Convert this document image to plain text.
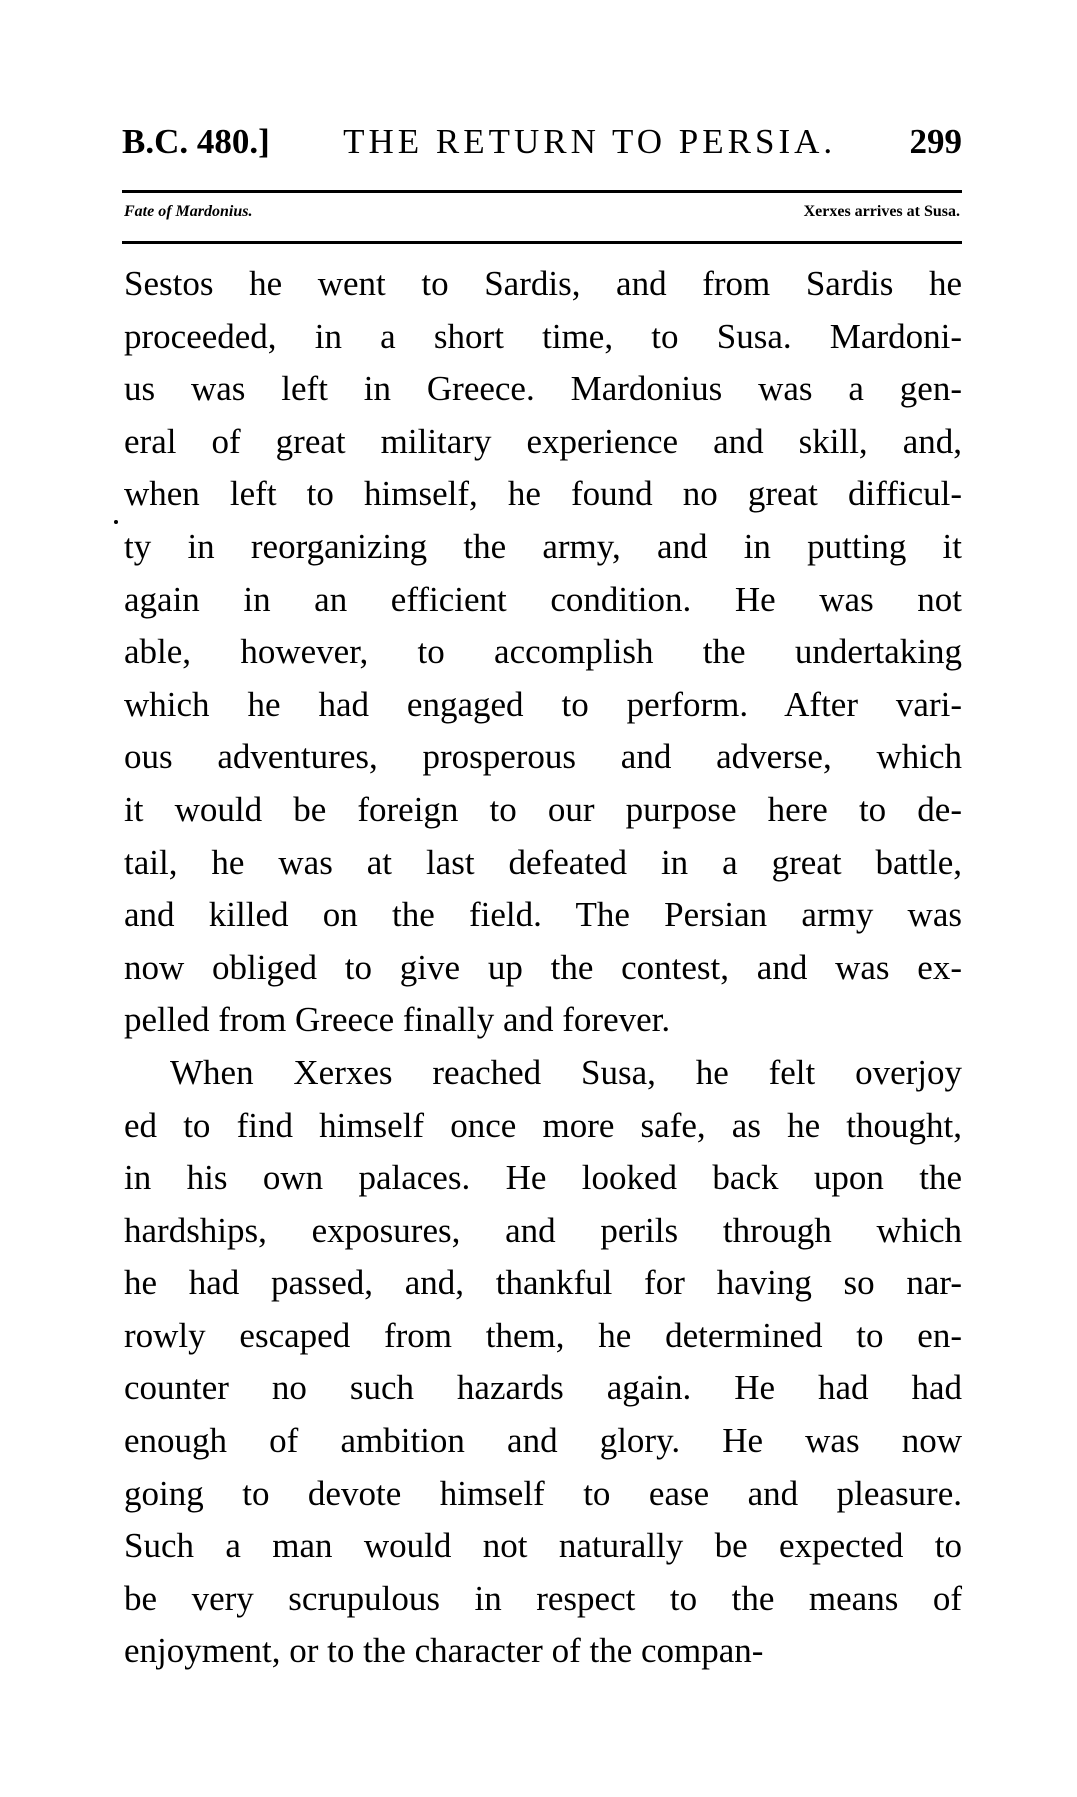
B.C. 480.] THE RETURN TO PERSIA. 299
Fate of Mardonius.	Xerxes arrives at Susa.
Sestos he went to Sardis, and from Sardis he
proceeded, in a short time, to Susa. Mardoni-
us was left in Greece. Mardonius was a gen-
eral of great military experience and skill, and,
when left to himself, he found no great difficul-
ty in reorganizing the army, and in putting it
again in an efficient condition. He was not
able, however, to accomplish the undertaking
which he had engaged to perform. After vari-
ous adventures, prosperous and adverse, which
it would be foreign to our purpose here to de-
tail, he was at last defeated in a great battle,
and killed on the field. The Persian army was
now obliged to give up the contest, and was ex-
pelled from Greece finally and forever.
When Xerxes reached Susa, he felt overjoy
ed to find himself once more safe, as he thought,
in his own palaces. He looked back upon the
hardships, exposures, and perils through which
he had passed, and, thankful for having so nar-
rowly escaped from them, he determined to en-
counter no such hazards again. He had had
enough of ambition and glory. He was now
going to devote himself to ease and pleasure.
Such a man would not naturally be expected to
be very scrupulous in respect to the means of
enjoyment, or to the character of the compan-
